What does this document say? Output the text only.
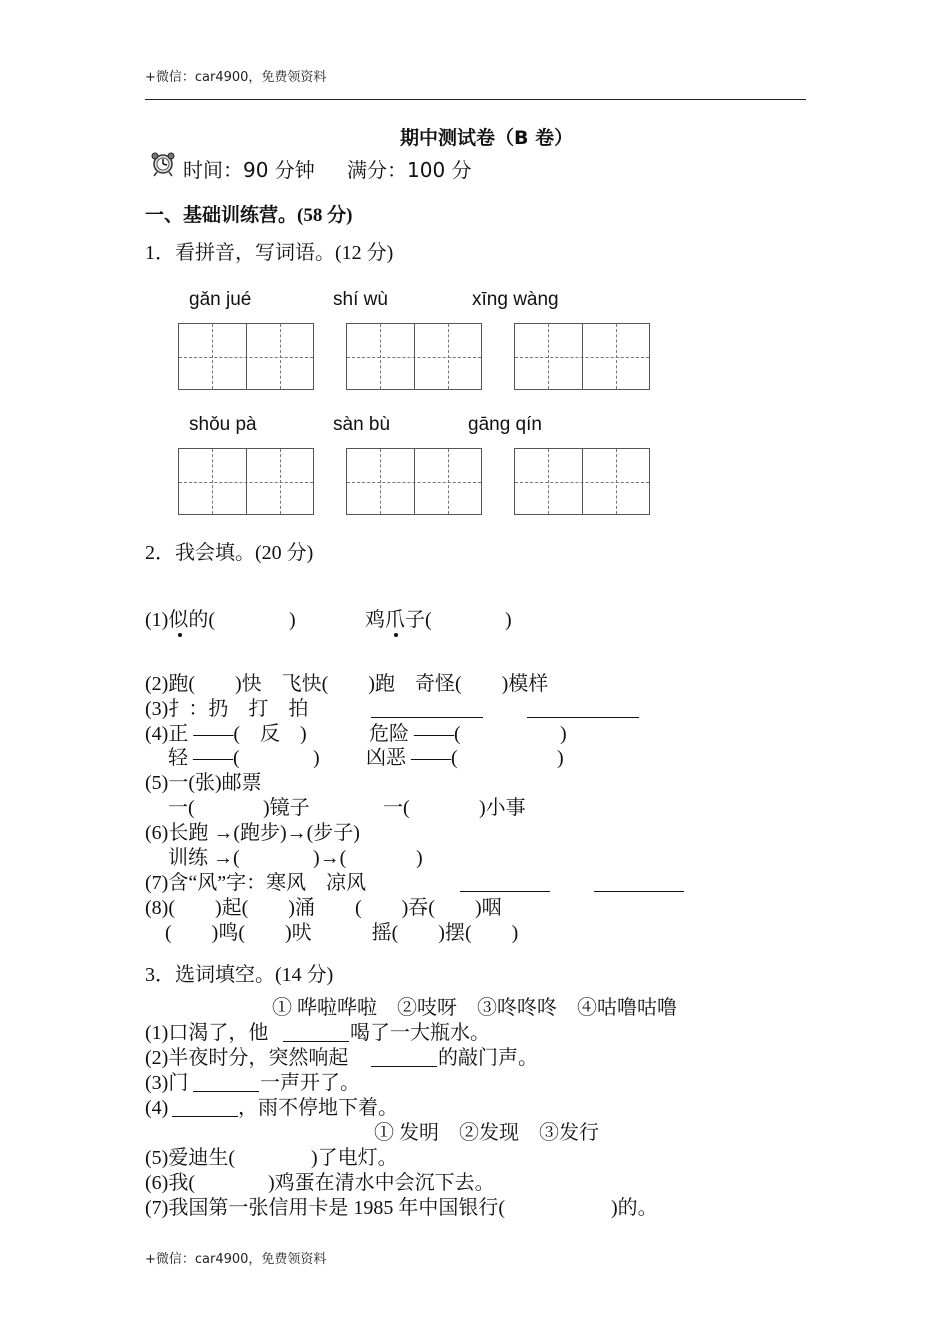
+微信：car4900，免费领资料
期中测试卷（B 卷）
时间：90 分钟 满分：100 分
一、基础训练营。(58 分)
1．看拼音，写词语。(12 分)
gǎn jué	shí wù	xīng wàng
shǒu pà	sàn bù	gāng qín
2．我会填。(20 分)
(1)似的(	)	鸡爪子(	)
(2)跑(        )快    飞快(        )跑    奇怪(        )模样
(3)扌：扔    打    拍
(4)正 ——(    反    )	危险 ——(	)
轻 ——(	) 凶恶 ——(	)
(5)一(张)邮票
一(	)镜子	一(	)小事
(6)长跑 →(跑步)→(步子)
训练 →(	)→(	)
(7)含“风”字：寒风    凉风
(8)(        )起(        )涌        (        )吞(        )咽
(        )鸣(        )吠            摇(        )摆(        )
3．选词填空。(14 分)
① 哗啦哗啦    ②吱呀    ③咚咚咚    ④咕噜咕噜
(1)口渴了，他	喝了一大瓶水。
(2)半夜时分，突然响起	的敲门声。
(3)门	一声开了。
(4)	，雨不停地下着。
① 发明    ②发现    ③发行
(5)爱迪生(	)了电灯。
(6)我(	)鸡蛋在清水中会沉下去。
(7)我国第一张信用卡是 1985 年中国银行(	)的。
+微信：car4900，免费领资料
